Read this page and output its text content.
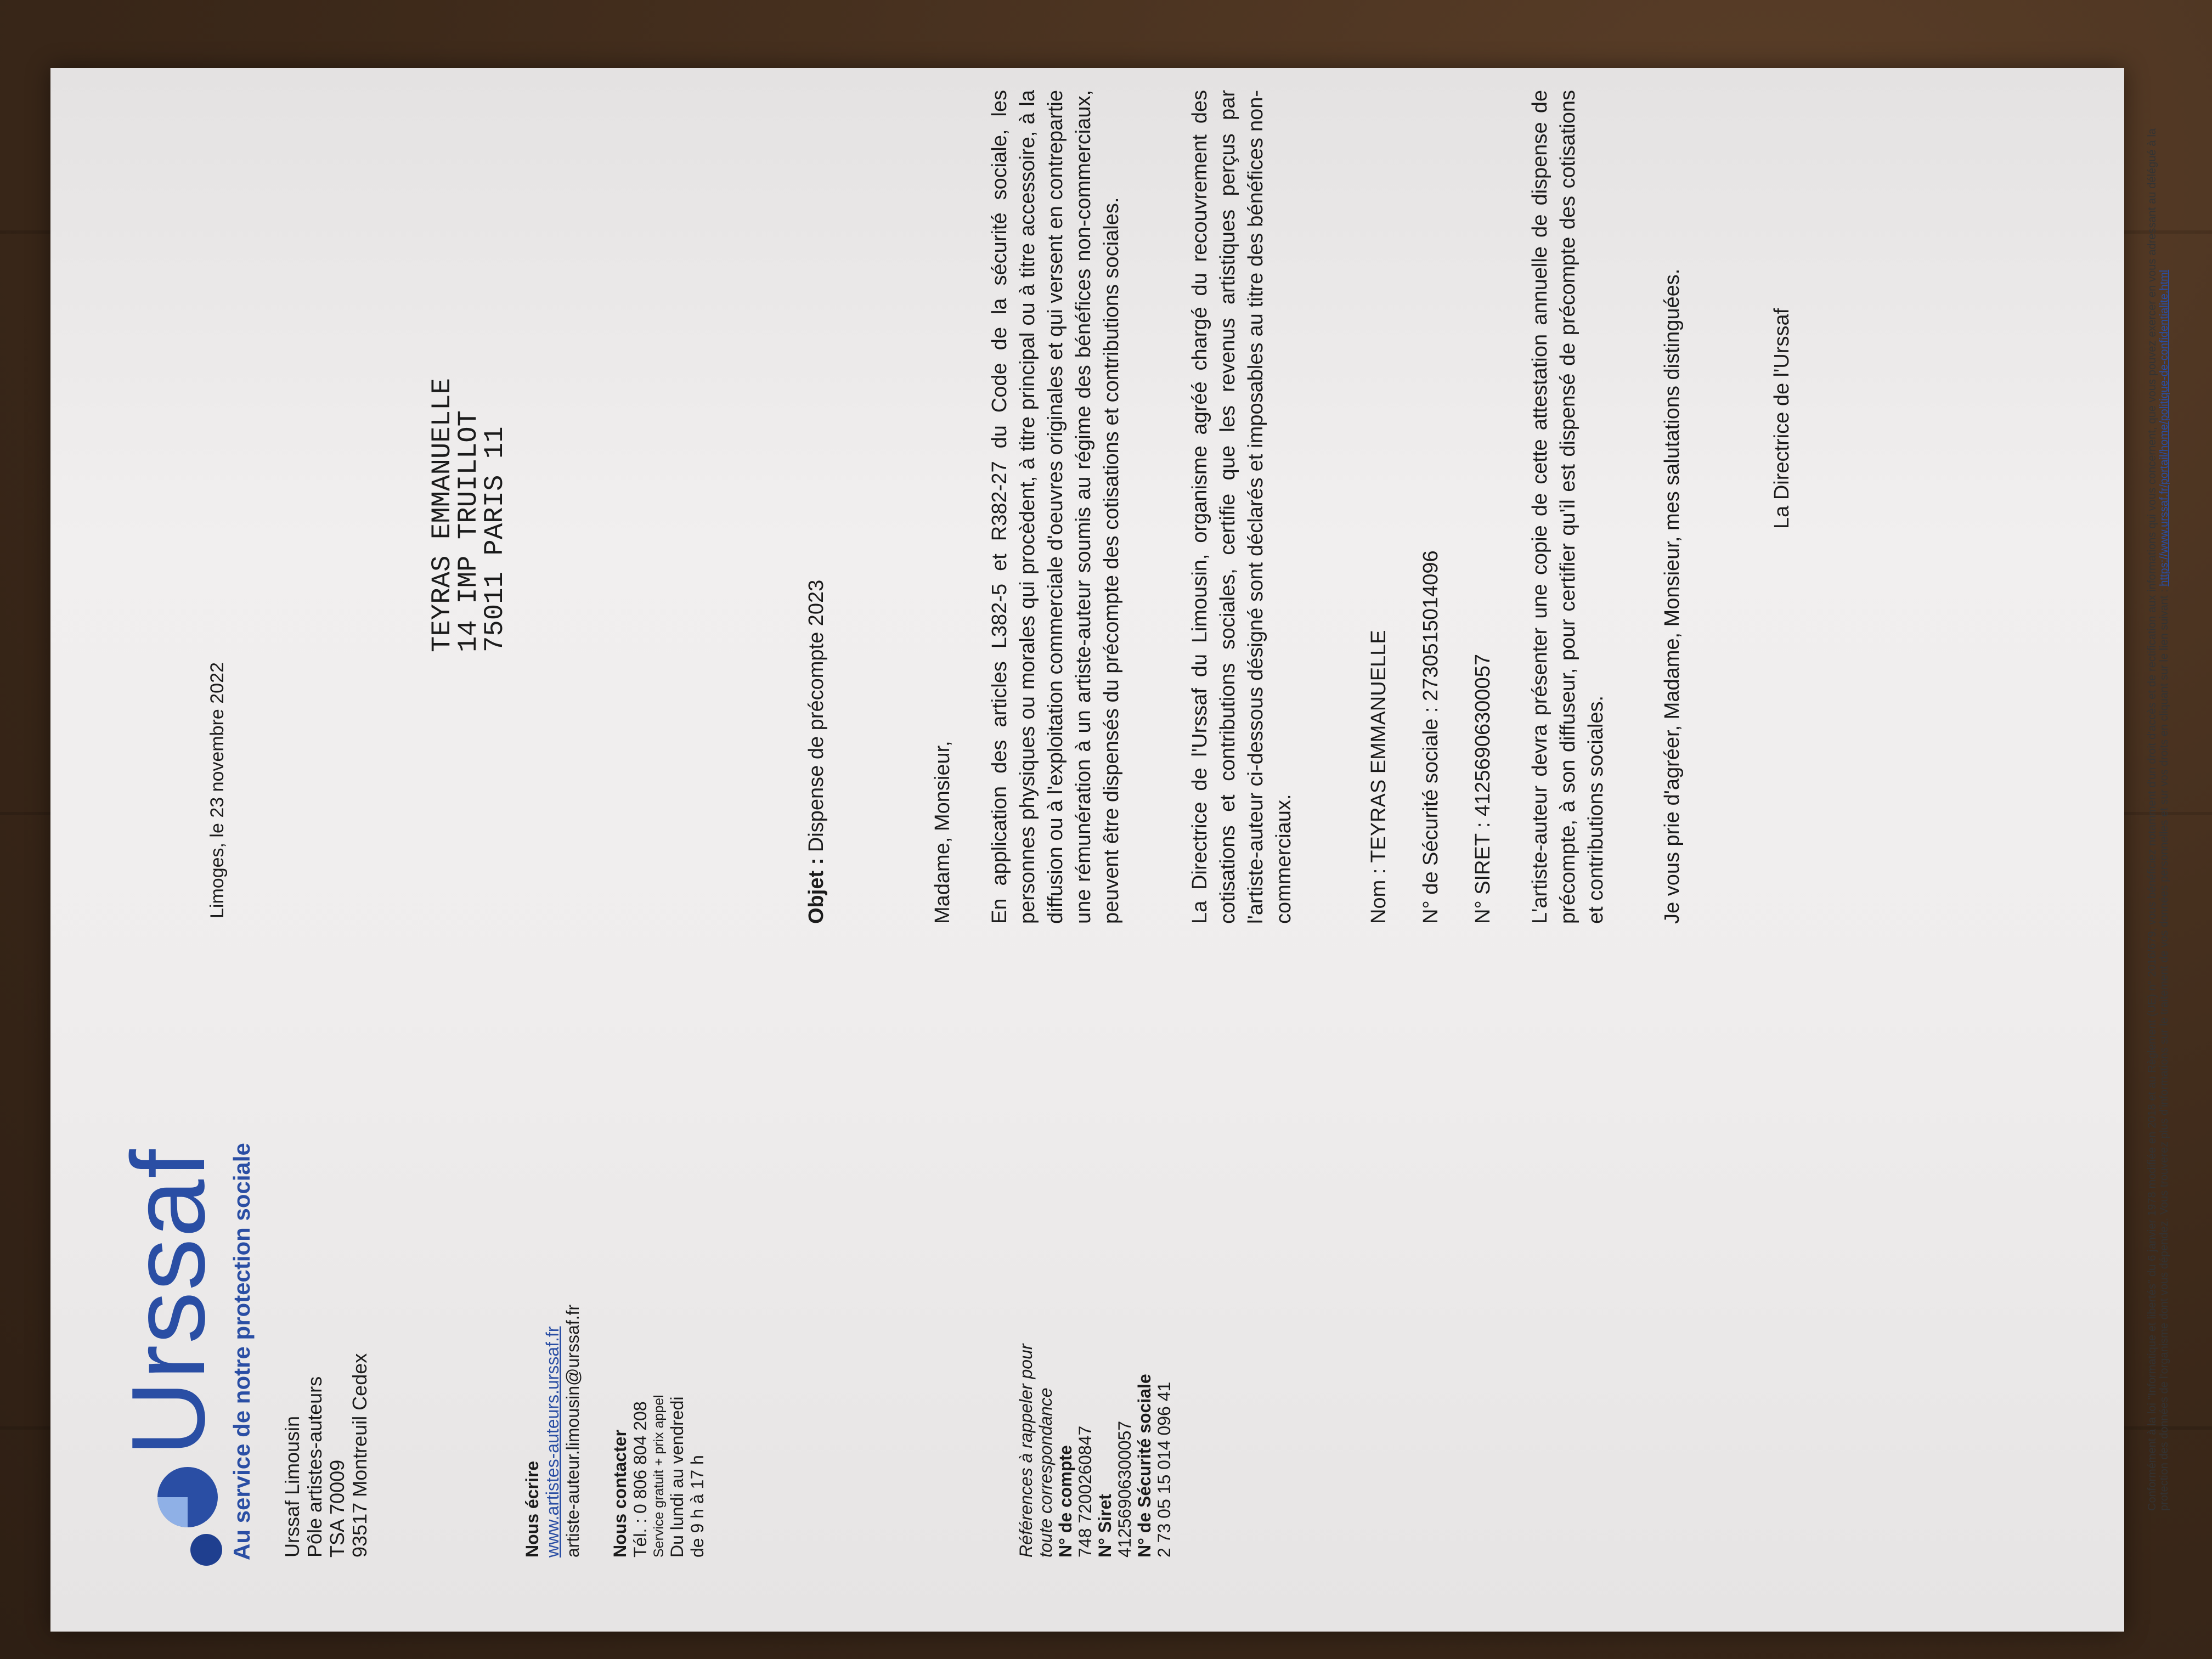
Urssaf Au service de notre protection sociale Urssaf Limousin Pôle artistes-auteurs TSA 70009 93517 Montreuil Cedex	Nous écrire www.artistes-auteurs.urssaf.fr artiste-auteur.limousin@urssaf.fr Nous contacter Tél. : 0 806 804 208 Service gratuit + prix appel Du lundi au vendredi de 9 h à 17 h	Références à rappeler pour toute correspondance N° de compte 748 7200260847 N° Siret 41256906300057 N° de Sécurité sociale 2 73 05 15 014 096 41
Limoges, le 23 novembre 2022
TEYRAS EMMANUELLE
14 IMP TRUILLOT
75011 PARIS 11
Objet : Dispense de précompte 2023	Madame, Monsieur, En application des articles L382-5 et R382-27 du Code de la sécurité sociale, les personnes physiques ou morales qui procèdent, à titre principal ou à titre accessoire, à la diffusion ou à l'exploitation commerciale d'oeuvres originales et qui versent en contrepartie une rémunération à un artiste-auteur soumis au régime des bénéfices non-commerciaux, peuvent être dispensés du précompte des cotisations et contributions sociales.	La Directrice de l'Urssaf du Limousin, organisme agréé chargé du recouvrement des cotisations et contributions sociales, certifie que les revenus artistiques perçus par l'artiste-auteur ci-dessous désigné sont déclarés et imposables au titre des bénéfices non-commerciaux.	Nom : TEYRAS EMMANUELLE N° de Sécurité sociale : 2730515014096 N° SIRET : 41256906300057 L'artiste-auteur devra présenter une copie de cette attestation annuelle de dispense de précompte, à son diffuseur, pour certifier qu'il est dispensé de précompte des cotisations et contributions sociales.	Je vous prie d'agréer, Madame, Monsieur, mes salutations distinguées.	La Directrice de l'Urssaf	Conformément à la loi "Informatique et libertés" du 6 janvier 1978 modifiée en 2018 et au Règlement (UE) n° 2016/679, vous bénéficiez notamment d'un droit d'accès et de rectification aux informations qui vous concernent, que vous pouvez exercer en vous adressant au délégué à la protection des données de l'organisme dont vous dépendez. Vous trouverez plus d'informations sur le traitement de vos données personnelles et sur vos droits en cliquant sur le lien suivant : https://www.urssaf.fr/portail/home/politique-de-confidentialite.html
